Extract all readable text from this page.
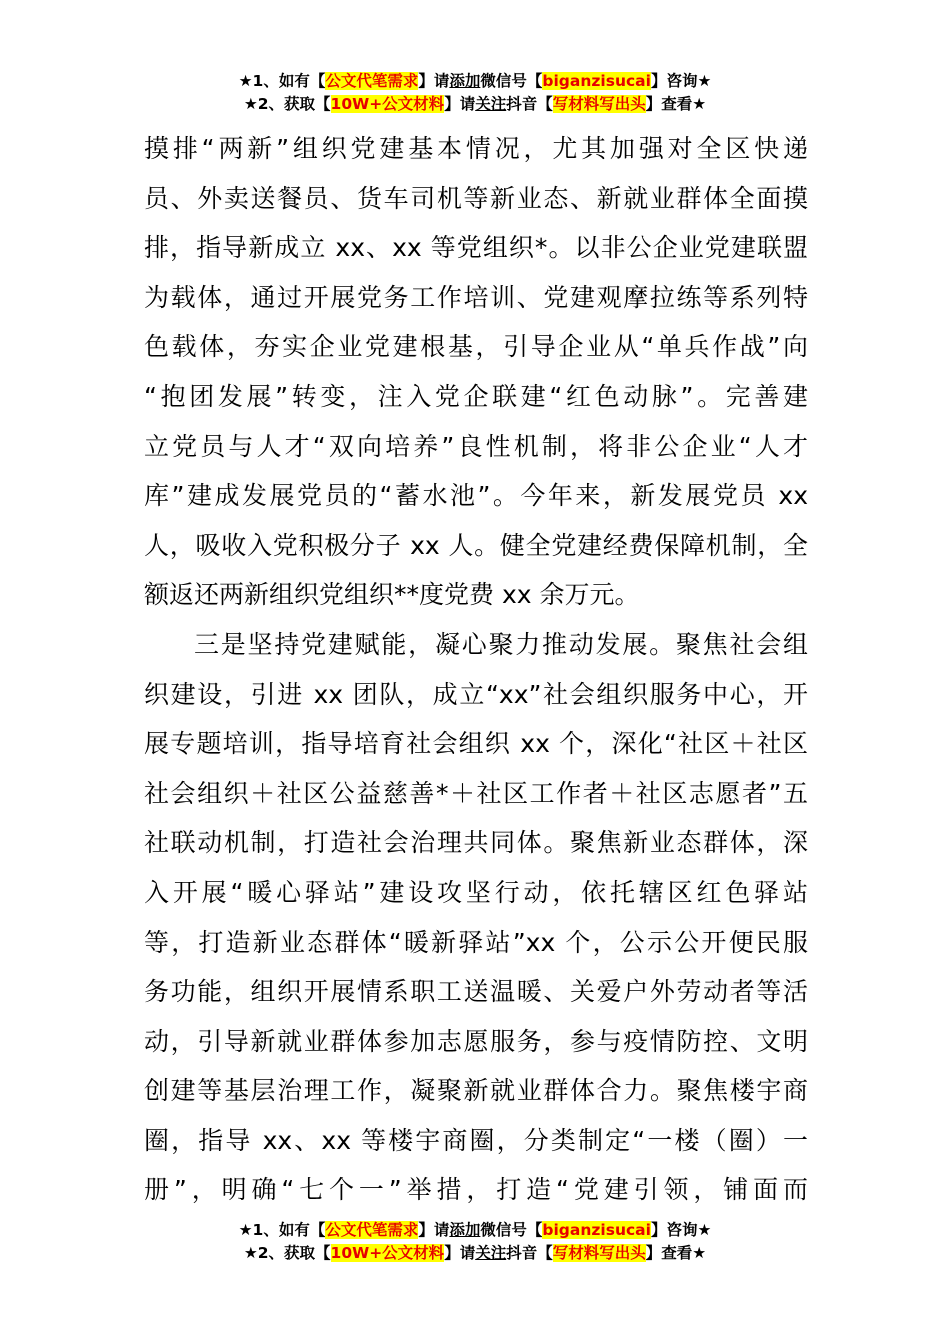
★1、如有【公文代笔需求】请添加微信号【biganzisucai】咨询★
★2、获取【10W+公文材料】请关注抖音【写材料写出头】查看★
摸排“两新”组织党建基本情况，尤其加强对全区快递
员、外卖送餐员、货车司机等新业态、新就业群体全面摸
排，指导新成立 xx、xx 等党组织*。以非公企业党建联盟
为载体，通过开展党务工作培训、党建观摩拉练等系列特
色载体，夯实企业党建根基，引导企业从“单兵作战”向
“抱团发展”转变，注入党企联建“红色动脉”。完善建
立党员与人才“双向培养”良性机制，将非公企业“人才
库”建成发展党员的“蓄水池”。今年来，新发展党员 xx
人，吸收入党积极分子 xx 人。健全党建经费保障机制，全
额返还两新组织党组织**度党费 xx 余万元。
三是坚持党建赋能，凝心聚力推动发展。聚焦社会组
织建设，引进 xx 团队，成立“xx”社会组织服务中心，开
展专题培训，指导培育社会组织 xx 个，深化“社区＋社区
社会组织＋社区公益慈善*＋社区工作者＋社区志愿者”五
社联动机制，打造社会治理共同体。聚焦新业态群体，深
入开展“暖心驿站”建设攻坚行动，依托辖区红色驿站
等，打造新业态群体“暖新驿站”xx 个，公示公开便民服
务功能，组织开展情系职工送温暖、关爱户外劳动者等活
动，引导新就业群体参加志愿服务，参与疫情防控、文明
创建等基层治理工作，凝聚新就业群体合力。聚焦楼宇商
圈，指导 xx、xx 等楼宇商圈，分类制定“一楼（圈）一
册”，明确“七个一”举措，打造“党建引领，铺面而
★1、如有【公文代笔需求】请添加微信号【biganzisucai】咨询★
★2、获取【10W+公文材料】请关注抖音【写材料写出头】查看★
